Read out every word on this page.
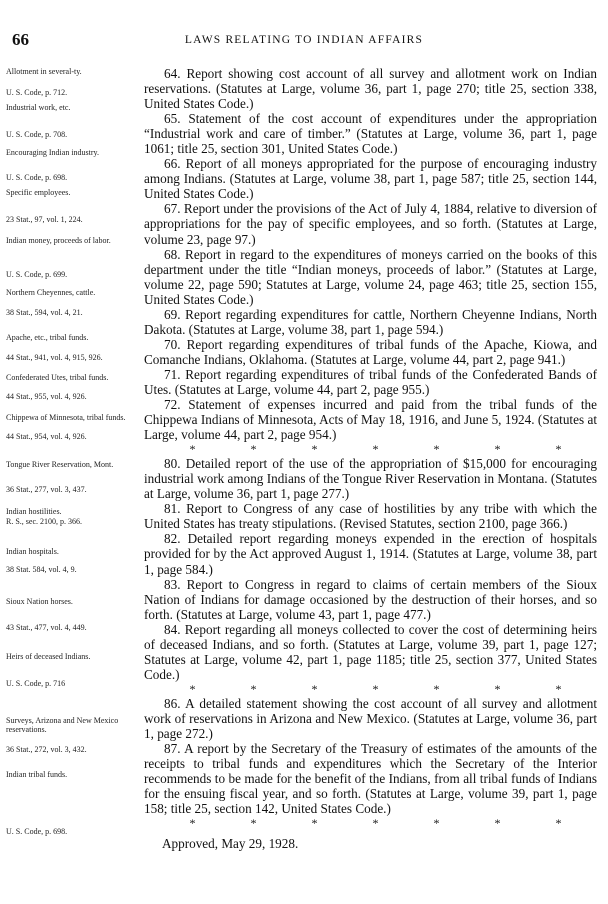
66	LAWS RELATING TO INDIAN AFFAIRS
Allotment in several-ty.
U. S. Code, p. 712.
Industrial work, etc.
U. S. Code, p. 708.
Encouraging Indian industry.
U. S. Code, p. 698.
Specific employees.
23 Stat., 97, vol. 1, 224.
Indian money, proceeds of labor.
U. S. Code, p. 699.
Northern Cheyennes, cattle.
38 Stat., 594, vol. 4, 21.
Apache, etc., tribal funds.
44 Stat., 941, vol. 4, 915, 926.
Confederated Utes, tribal funds.
44 Stat., 955, vol. 4, 926.
Chippewa of Minnesota, tribal funds.
44 Stat., 954, vol. 4, 926.
Tongue River Reservation, Mont.
36 Stat., 277, vol. 3, 437.
Indian hostilities.
R. S., sec. 2100, p. 366.
Indian hospitals.
38 Stat. 584, vol. 4, 9.
Sioux Nation horses.
43 Stat., 477, vol. 4, 449.
Heirs of deceased Indians.
U. S. Code, p. 716
Surveys, Arizona and New Mexico reservations.
36 Stat., 272, vol. 3, 432.
Indian tribal funds.
U. S. Code, p. 698.

64. Report showing cost account of all survey and allotment work on Indian reservations. (Statutes at Large, volume 36, part 1, page 270; title 25, section 338, United States Code.)

65. Statement of the cost account of expenditures under the appropriation “Industrial work and care of timber.” (Statutes at Large, volume 36, part 1, page 1061; title 25, section 301, United States Code.)

66. Report of all moneys appropriated for the purpose of encouraging industry among Indians. (Statutes at Large, volume 38, part 1, page 587; title 25, section 144, United States Code.)

67. Report under the provisions of the Act of July 4, 1884, relative to diversion of appropriations for the pay of specific employees, and so forth. (Statutes at Large, volume 23, page 97.)

68. Report in regard to the expenditures of moneys carried on the books of this department under the title “Indian moneys, proceeds of labor.” (Statutes at Large, volume 22, page 590; Statutes at Large, volume 24, page 463; title 25, section 155, United States Code.)

69. Report regarding expenditures for cattle, Northern Cheyenne Indians, North Dakota. (Statutes at Large, volume 38, part 1, page 594.)

70. Report regarding expenditures of tribal funds of the Apache, Kiowa, and Comanche Indians, Oklahoma. (Statutes at Large, volume 44, part 2, page 941.)

71. Report regarding expenditures of tribal funds of the Confederated Bands of Utes. (Statutes at Large, volume 44, part 2, page 955.)

72. Statement of expenses incurred and paid from the tribal funds of the Chippewa Indians of Minnesota, Acts of May 18, 1916, and June 5, 1924. (Statutes at Large, volume 44, part 2, page 954.)

*	*	*	*	*	*	*

80. Detailed report of the use of the appropriation of $15,000 for encouraging industrial work among Indians of the Tongue River Reservation in Montana. (Statutes at Large, volume 36, part 1, page 277.)

81. Report to Congress of any case of hostilities by any tribe with which the United States has treaty stipulations. (Revised Statutes, section 2100, page 366.)

82. Detailed report regarding moneys expended in the erection of hospitals provided for by the Act approved August 1, 1914. (Statutes at Large, volume 38, part 1, page 584.)

83. Report to Congress in regard to claims of certain members of the Sioux Nation of Indians for damage occasioned by the destruction of their horses, and so forth. (Statutes at Large, volume 43, part 1, page 477.)

84. Report regarding all moneys collected to cover the cost of determining heirs of deceased Indians, and so forth. (Statutes at Large, volume 39, part 1, page 127; Statutes at Large, volume 42, part 1, page 1185; title 25, section 377, United States Code.)

*	*	*	*	*	*	*

86. A detailed statement showing the cost account of all survey and allotment work of reservations in Arizona and New Mexico. (Statutes at Large, volume 36, part 1, page 272.)

87. A report by the Secretary of the Treasury of estimates of the amounts of the receipts to tribal funds and expenditures which the Secretary of the Interior recommends to be made for the benefit of the Indians, from all tribal funds of Indians for the ensuing fiscal year, and so forth. (Statutes at Large, volume 39, part 1, page 158; title 25, section 142, United States Code.)

*	*	*	*	*	*	*
Approved, May 29, 1928.
